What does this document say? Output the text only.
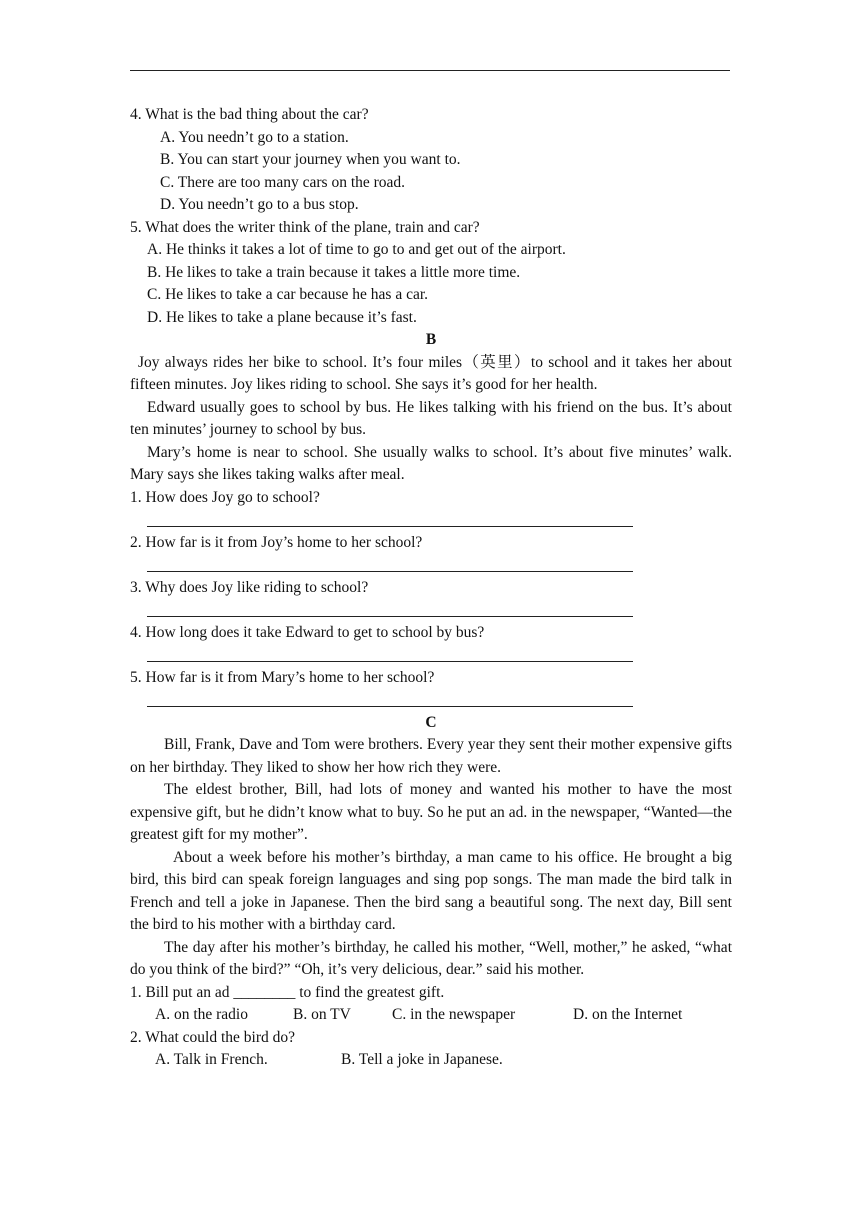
4. What is the bad thing about the car?
A. You needn’t go to a station.
B. You can start your journey when you want to.
C. There are too many cars on the road.
D. You needn’t go to a bus stop.
5. What does the writer think of the plane, train and car?
A. He thinks it takes a lot of time to go to and get out of the airport.
B. He likes to take a train because it takes a little more time.
C. He likes to take a car because he has a car.
D. He likes to take a plane because it’s fast.
B
Joy always rides her bike to school. It’s four miles（英里）to school and it takes her about fifteen minutes. Joy likes riding to school. She says it’s good for her health.
Edward usually goes to school by bus. He likes talking with his friend on the bus. It’s about ten minutes’ journey to school by bus.
Mary’s home is near to school. She usually walks to school. It’s about five minutes’ walk. Mary says she likes taking walks after meal.
1. How does Joy go to school?
2. How far is it from Joy’s home to her school?
3. Why does Joy like riding to school?
4. How long does it take Edward to get to school by bus?
5. How far is it from Mary’s home to her school?
C
Bill, Frank, Dave and Tom were brothers. Every year they sent their mother expensive gifts on her birthday. They liked to show her how rich they were.
The eldest brother, Bill, had lots of money and wanted his mother to have the most expensive gift, but he didn’t know what to buy. So he put an ad. in the newspaper, “Wanted—the greatest gift for my mother”.
About a week before his mother’s birthday, a man came to his office. He brought a big bird, this bird can speak foreign languages and sing pop songs. The man made the bird talk in French and tell a joke in Japanese. Then the bird sang a beautiful song. The next day, Bill sent the bird to his mother with a birthday card.
The day after his mother’s birthday, he called his mother, “Well, mother,” he asked, “what do you think of the bird?” “Oh, it’s very delicious, dear.” said his mother.
1. Bill put an ad ________ to find the greatest gift.
A. on the radio	B. on TV	C. in the newspaper	D. on the Internet
2. What could the bird do?
A. Talk in French.	B. Tell a joke in Japanese.
